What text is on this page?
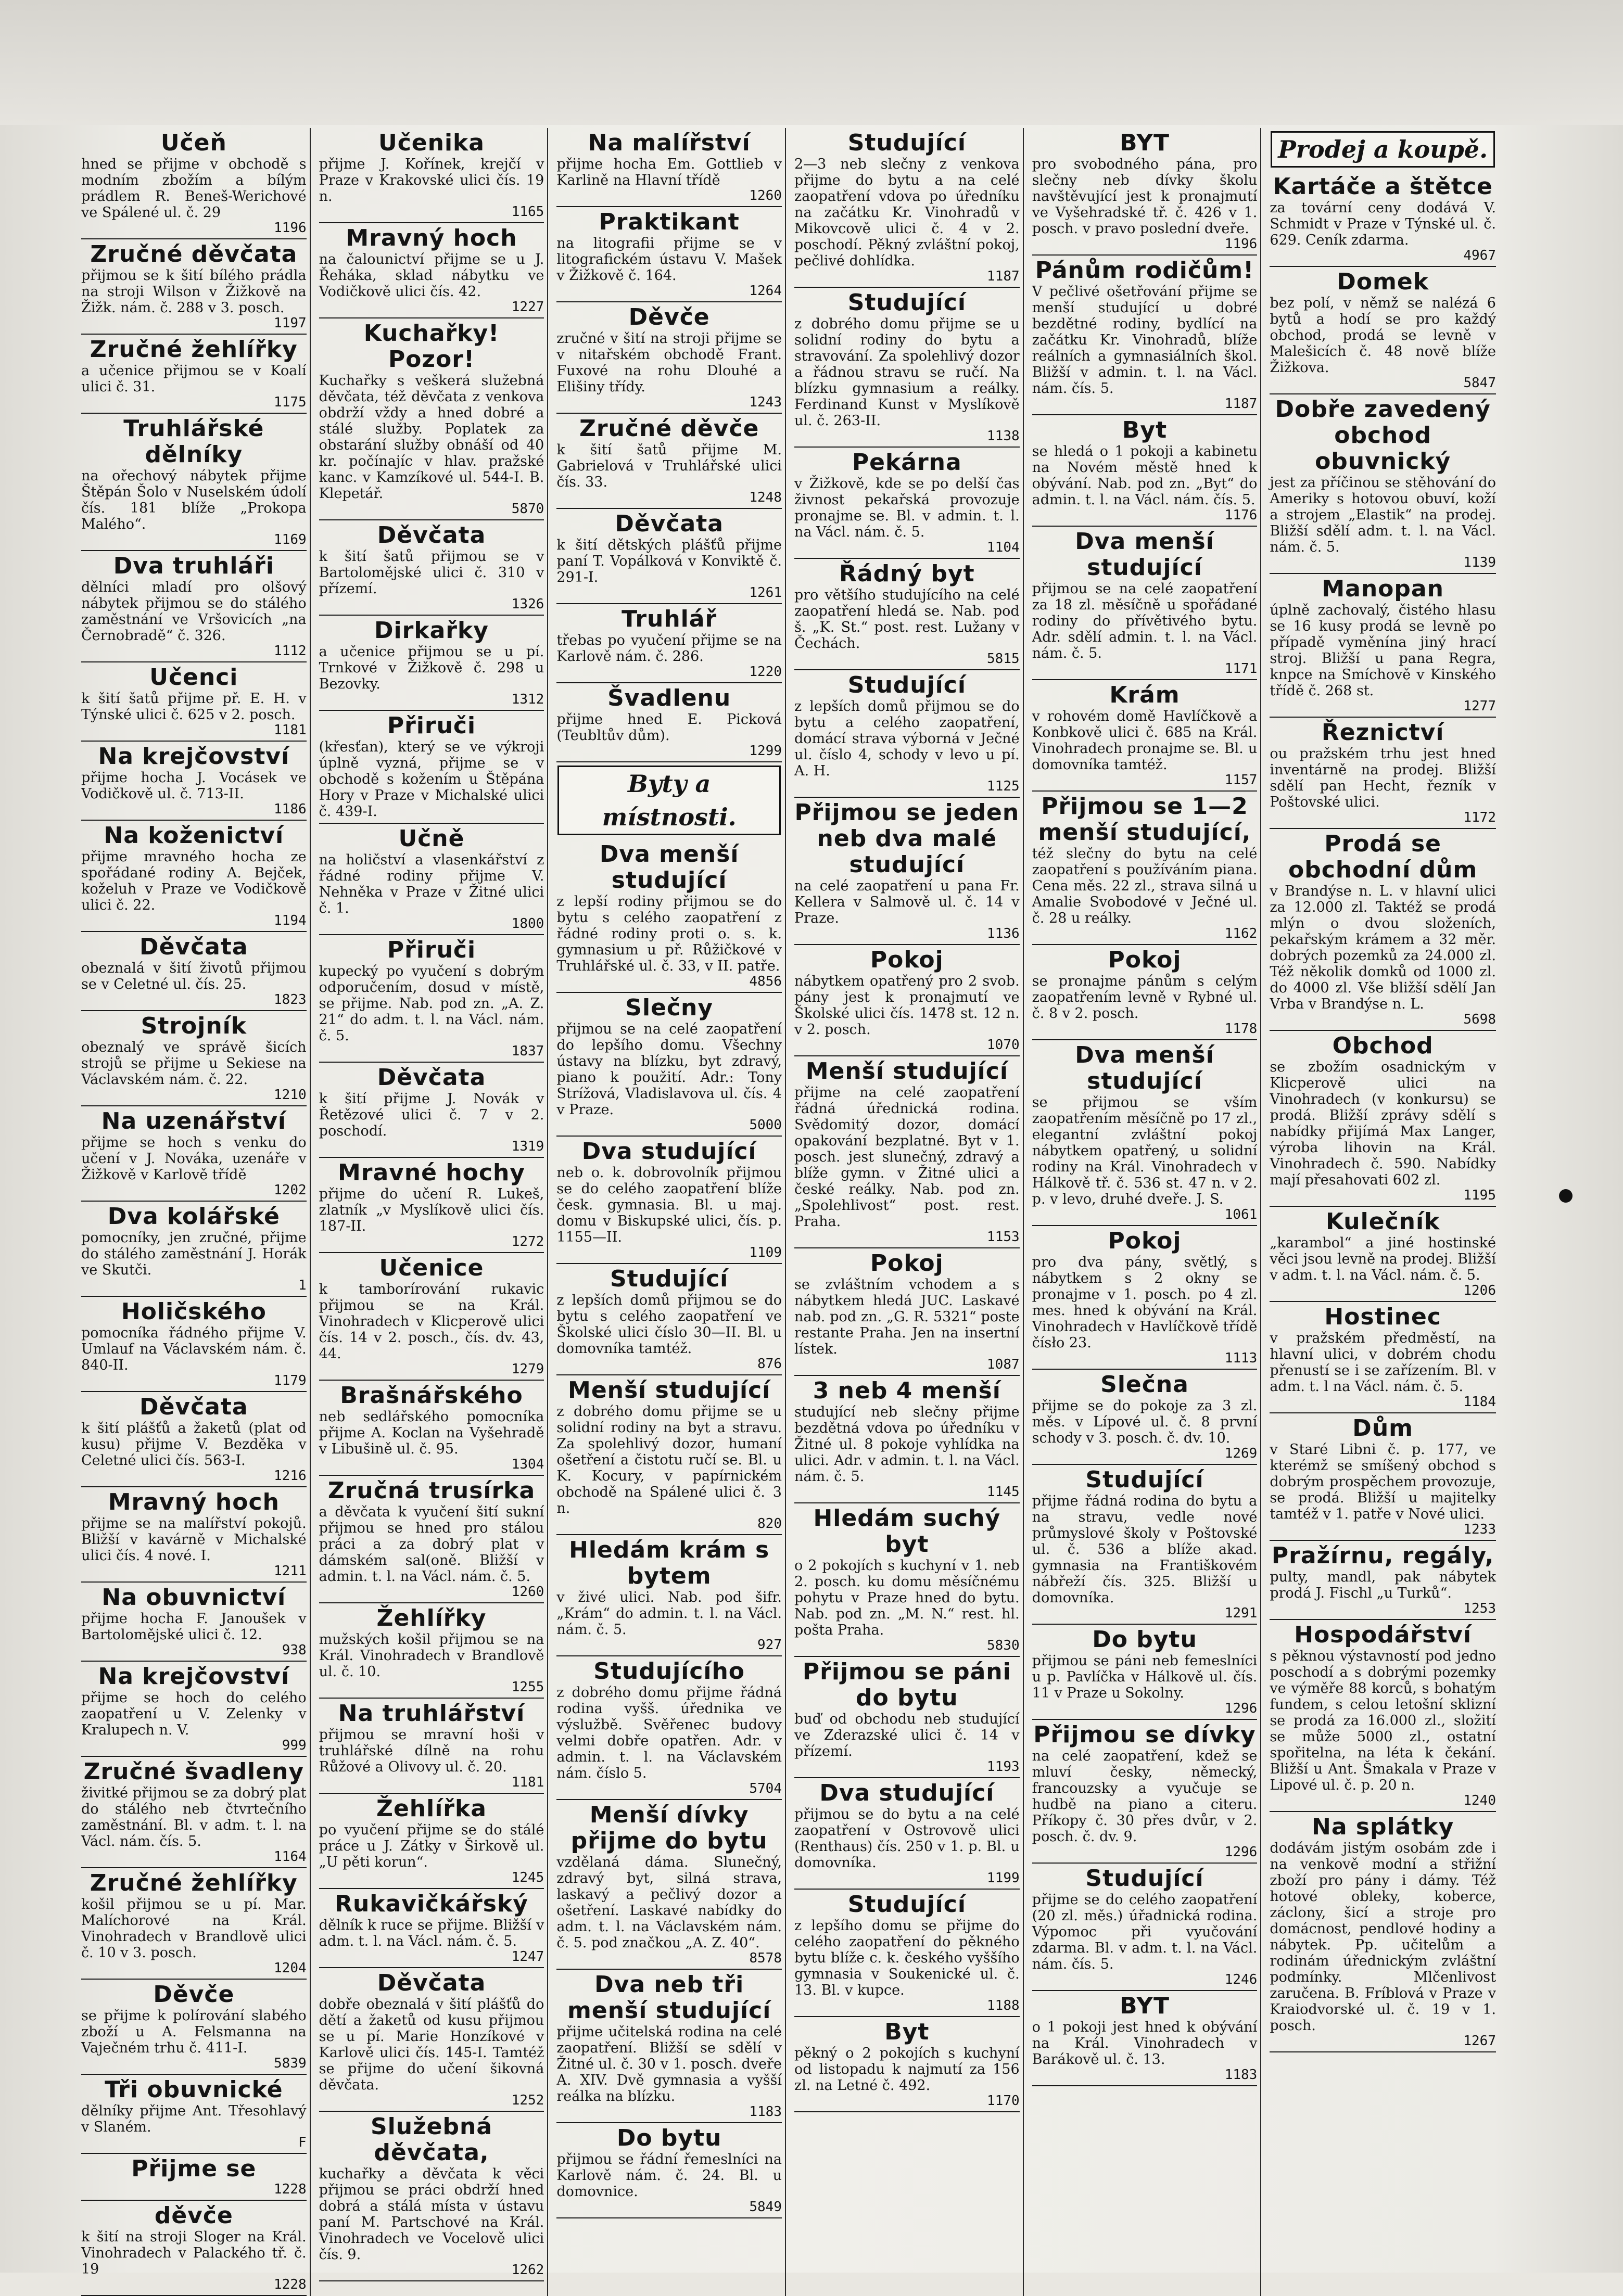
Učeň
hned se přijme v obchodě s modním zbožím a bílým prádlem R. Beneš-Werichové ve Spálené ul. č. 29
1196
Zručné děvčata
přijmou se k šití bílého prádla na stroji Wilson v Žižkově na Žižk. nám. č. 288 v 3. posch.
1197
Zručné žehlířky
a učenice přijmou se v Koalí ulici č. 31.
1175
Truhlářské dělníky
na ořechový nábytek přijme Štěpán Šolo v Nuselském údolí čís. 181 blíže „Prokopa Malého“.
1169
Dva truhláři
dělníci mladí pro olšový nábytek přijmou se do stálého zaměstnání ve Vršovicích „na Černobradě“ č. 326.
1112
Učenci
k šití šatů přijme př. E. H. v Týnské ulici č. 625 v 2. posch.
1181
Na krejčovství
přijme hocha J. Vocásek ve Vodičkově ul. č. 713-II.
1186
Na koženictví
přijme mravného hocha ze spořádané rodiny A. Bejček, koželuh v Praze ve Vodičkově ulici č. 22.
1194
Děvčata
obeznalá v šití životů přijmou se v Celetné ul. čís. 25.
1823
Strojník
obeznalý ve správě šicích strojů se přijme u Sekiese na Václavském nám. č. 22.
1210
Na uzenářství
přijme se hoch s venku do učení v J. Nováka, uzenáře v Žižkově v Karlově třídě
1202
Dva kolářské
pomocníky, jen zručné, přijme do stálého zaměstnání J. Horák ve Skutči.
1
Holičského
pomocníka řádného přijme V. Umlauf na Václavském nám. č. 840-II.
1179
Děvčata
k šití plášťů a žaketů (plat od kusu) přijme V. Bezděka v Celetné ulici čís. 563-I.
1216
Mravný hoch
přijme se na malířství pokojů. Bližší v kavárně v Michalské ulici čís. 4 nové. I.
1211
Na obuvnictví
přijme hocha F. Janoušek v Bartolomějské ulici č. 12.
938
Na krejčovství
přijme se hoch do celého zaopatření u V. Zelenky v Kralupech n. V.
999
Zručné švadleny
živitké přijmou se za dobrý plat do stálého neb čtvrtečního zaměstnání. Bl. v adm. t. l. na Václ. nám. čís. 5.
1164
Zručné žehlířky
košil přijmou se u pí. Mar. Malíchorové na Král. Vinohradech v Brandlově ulici č. 10 v 3. posch.
1204
Děvče
se přijme k polírování slabého zboží u A. Felsmanna na Vaječném trhu č. 411-I.
5839
Tři obuvnické
dělníky přijme Ant. Třesohlavý v Slaném.
F
Přijme se
1228
děvče
k šití na stroji Sloger na Král. Vinohradech v Palackého tř. č. 19
1228
Učenika
přijme J. Kořínek, krejčí v Praze v Krakovské ulici čís. 19 n.
1165
Mravný hoch
na čalounictví přijme se u J. Řeháka, sklad nábytku ve Vodičkově ulici čís. 42.
1227
Kuchařky! Pozor!
Kuchařky s veškerá služebná děvčata, též děvčata z venkova obdrží vždy a hned dobré a stálé služby. Poplatek za obstarání služby obnáší od 40 kr. počínajíc v hlav. pražské kanc. v Kamzíkové ul. 544-I. B. Klepetář.
5870
Děvčata
k šití šatů přijmou se v Bartolomějské ulici č. 310 v přízemí.
1326
Dirkařky
a učenice přijmou se u pí. Trnkové v Žižkově č. 298 u Bezovky.
1312
Přiruči
(křesťan), který se ve výkroji úplně vyzná, přijme se v obchodě s kožením u Štěpána Hory v Praze v Michalské ulici č. 439-I.
Učně
na holičství a vlasenkářství z řádné rodiny přijme V. Nehněka v Praze v Žitné ulici č. 1.
1800
Přiruči
kupecký po vyučení s dobrým odporučením, dosud v místě, se přijme. Nab. pod zn. „A. Z. 21“ do adm. t. l. na Václ. nám. č. 5.
1837
Děvčata
k šití přijme J. Novák v Řetězové ulici č. 7 v 2. poschodí.
1319
Mravné hochy
přijme do učení R. Lukeš, zlatník „v Myslíkově ulici čís. 187-II.
1272
Učenice
k tamborírování rukavic přijmou se na Král. Vinohradech v Klicperově ulici čís. 14 v 2. posch., čís. dv. 43, 44.
1279
Brašnářského
neb sedlářského pomocníka přijme A. Koclan na Vyšehradě v Libušině ul. č. 95.
1304
Zručná trusírka
a děvčata k vyučení šití sukní přijmou se hned pro stálou práci a za dobrý plat v dámském sal(oně. Bližší v admin. t. l. na Václ. nám. č. 5.
1260
Žehlířky
mužských košil přijmou se na Král. Vinohradech v Brandlově ul. č. 10.
1255
Na truhlářství
přijmou se mravní hoši v truhlářské dílně na rohu Růžové a Olivovy ul. č. 20.
1181
Žehlířka
po vyučení přijme se do stálé práce u J. Zátky v Širkově ul. „U pěti korun“.
1245
Rukavičkářský
dělník k ruce se přijme. Bližší v adm. t. l. na Václ. nám. č. 5.
1247
Děvčata
dobře obeznalá v šití plášťů do dětí a žaketů od kusu přijmou se u pí. Marie Honzíkové v Karlově ulici čís. 145-I. Tamtéž se přijme do učení šikovná děvčata.
1252
Služebná děvčata,
kuchařky a děvčata k věci přijmou se práci obdrží hned dobrá a stálá místa v ústavu paní M. Partschové na Král. Vinohradech ve Vocelově ulici čís. 9.
1262
Na malířství
přijme hocha Em. Gottlieb v Karlině na Hlavní třídě
1260
Praktikant
na litografii přijme se v litografickém ústavu V. Mašek v Žižkově č. 164.
1264
Děvče
zručné v šití na stroji přijme se v nitařském obchodě Frant. Fuxové na rohu Dlouhé a Elišiny třídy.
1243
Zručné děvče
k šití šatů přijme M. Gabrielová v Truhlářské ulici čís. 33.
1248
Děvčata
k šití dětských plášťů přijme paní T. Vopálková v Konviktě č. 291-I.
1261
Truhlář
třebas po vyučení přijme se na Karlově nám. č. 286.
1220
Švadlenu
přijme hned E. Picková (Teubltův dům).
1299
Byty a místnosti.
Dva menší studující
z lepší rodiny přijmou se do bytu s celého zaopatření z řádné rodiny proti o. s. k. gymnasium u př. Růžičkové v Truhlářské ul. č. 33, v II. patře.
4856
Slečny
přijmou se na celé zaopatření do lepšího domu. Všechny ústavy na blízku, byt zdravý, piano k použití. Adr.: Tony Strížová, Vladislavova ul. čís. 4 v Praze.
5000
Dva studující
neb o. k. dobrovolník přijmou se do celého zaopatření blíže česk. gymnasia. Bl. u maj. domu v Biskupské ulici, čís. p. 1155—II.
1109
Studující
z lepších domů přijmou se do bytu s celého zaopatření ve Školské ulici číslo 30—II. Bl. u domovníka tamtéž.
876
Menší studující
z dobrého domu přijme se u solidní rodiny na byt a stravu. Za spolehlivý dozor, humaní ošetření a čistotu ručí se. Bl. u K. Kocury, v papírnickém obchodě na Spálené ulici č. 3 n.
820
Hledám krám s bytem
v živé ulici. Nab. pod šifr. „Krám“ do admin. t. l. na Václ. nám. č. 5.
927
Studujícího
z dobrého domu přijme řádná rodina vyšš. úřednika ve výslužbě. Svěřenec budovy velmi dobře opatřen. Adr. v admin. t. l. na Václavském nám. číslo 5.
5704
Menší dívky přijme do bytu
vzdělaná dáma. Slunečný, zdravý byt, silná strava, laskavý a pečlivý dozor a ošetření. Laskavé nabídky do adm. t. l. na Václavském nám. č. 5. pod značkou „A. Z. 40“.
8578
Dva neb tři menší studující
přijme učitelská rodina na celé zaopatření. Bližší se sdělí v Žitné ul. č. 30 v 1. posch. dveře A. XIV. Dvě gymnasia a vyšší reálka na blízku.
1183
Do bytu
přijmou se řádní řemeslníci na Karlově nám. č. 24. Bl. u domovnice.
5849
Studující
2—3 neb slečny z venkova přijme do bytu a na celé zaopatření vdova po úředníku na začátku Kr. Vinohradů v Mikovcově ulici č. 4 v 2. poschodí. Pěkný zvláštní pokoj, pečlivé dohlídka.
1187
Studující
z dobrého domu přijme se u solidní rodiny do bytu a stravování. Za spolehlivý dozor a řádnou stravu se ručí. Na blízku gymnasium a reálky. Ferdinand Kunst v Myslíkově ul. č. 263-II.
1138
Pekárna
v Žižkově, kde se po delší čas živnost pekařská provozuje pronajme se. Bl. v admin. t. l. na Václ. nám. č. 5.
1104
Řádný byt
pro většího studujícího na celé zaopatření hledá se. Nab. pod š. „K. St.“ post. rest. Lužany v Čechách.
5815
Studující
z lepších domů přijmou se do bytu a celého zaopatření, domácí strava výborná v Ječné ul. číslo 4, schody v levo u pí. A. H.
1125
Přijmou se jeden neb dva malé studující
na celé zaopatření u pana Fr. Kellera v Salmově ul. č. 14 v Praze.
1136
Pokoj
nábytkem opatřený pro 2 svob. pány jest k pronajmutí ve Školské ulici čís. 1478 st. 12 n. v 2. posch.
1070
Menší studující
přijme na celé zaopatření řádná úřednická rodina. Svědomitý dozor, domácí opakování bezplatné. Byt v 1. posch. jest slunečný, zdravý a blíže gymn. v Žitné ulici a české reálky. Nab. pod zn. „Spolehlivost“ post. rest. Praha.
1153
Pokoj
se zvláštním vchodem a s nábytkem hledá JUC. Laskavé nab. pod zn. „G. R. 5321“ poste restante Praha. Jen na insertní lístek.
1087
3 neb 4 menší
studující neb slečny přijme bezdětná vdova po úředníku v Žitné ul. 8 pokoje vyhlídka na ulici. Adr. v admin. t. l. na Václ. nám. č. 5.
1145
Hledám suchý byt
o 2 pokojích s kuchyní v 1. neb 2. posch. ku domu měsíčnému pohytu v Praze hned do bytu. Nab. pod zn. „M. N.“ rest. hl. pošta Praha.
5830
Přijmou se páni do bytu
buď od obchodu neb studující ve Zderazské ulici č. 14 v přízemí.
1193
Dva studující
přijmou se do bytu a na celé zaopatření v Ostrovově ulici (Renthaus) čís. 250 v 1. p. Bl. u domovníka.
1199
Studující
z lepšího domu se přijme do celého zaopatření do pěkného bytu blíže c. k. českého vyššího gymnasia v Soukenické ul. č. 13. Bl. v kupce.
1188
Byt
pěkný o 2 pokojích s kuchyní od listopadu k najmutí za 156 zl. na Letné č. 492.
1170
BYT
pro svobodného pána, pro slečny neb dívky školu navštěvující jest k pronajmutí ve Vyšehradské tř. č. 426 v 1. posch. v pravo poslední dveře.
1196
Pánům rodičům!
V pečlivé ošetřování přijme se menší studující u dobré bezdětné rodiny, bydlící na začátku Kr. Vinohradů, blíže reálních a gymnasiálních škol. Bližší v admin. t. l. na Václ. nám. čís. 5.
1187
Byt
se hledá o 1 pokoji a kabinetu na Novém městě hned k obývání. Nab. pod zn. „Byt“ do admin. t. l. na Václ. nám. čís. 5.
1176
Dva menší studující
přijmou se na celé zaopatření za 18 zl. měsíčně u spořádané rodiny do přívětivého bytu. Adr. sdělí admin. t. l. na Václ. nám. č. 5.
1171
Krám
v rohovém domě Havlíčkově a Konbkově ulici č. 685 na Král. Vinohradech pronajme se. Bl. u domovníka tamtéž.
1157
Přijmou se 1—2 menší studující,
též slečny do bytu na celé zaopatření s používáním piana. Cena měs. 22 zl., strava silná u Amalie Svobodové v Ječné ul. č. 28 u reálky.
1162
Pokoj
se pronajme pánům s celým zaopatřením levně v Rybné ul. č. 8 v 2. posch.
1178
Dva menší studující
se přijmou se vším zaopatřením měsíčně po 17 zl., elegantní zvláštní pokoj nábytkem opatřený, u solidní rodiny na Král. Vinohradech v Hálkově tř. č. 536 st. 47 n. v 2. p. v levo, druhé dveře. J. S.
1061
Pokoj
pro dva pány, světlý, s nábytkem s 2 okny se pronajme v 1. posch. po 4 zl. mes. hned k obývání na Král. Vinohradech v Havlíčkově třídě čísło 23.
1113
Slečna
přijme se do pokoje za 3 zl. měs. v Lípové ul. č. 8 první schody v 3. posch. č. dv. 10.
1269
Studující
přijme řádná rodina do bytu a na stravu, vedle nové průmyslové školy v Poštovské ul. č. 536 a blíže akad. gymnasia na Františkovém nábřeží čís. 325. Bližší u domovníka.
1291
Do bytu
přijmou se páni neb femeslníci u p. Pavlíčka v Hálkově ul. čís. 11 v Praze u Sokolny.
1296
Přijmou se dívky
na celé zaopatření, kdež se mluví česky, německý, francouzsky a vyučuje se hudbě na piano a citeru. Příkopy č. 30 přes dvůr, v 2. posch. č. dv. 9.
1296
Studující
přijme se do celého zaopatření (20 zl. měs.) úřadnická rodina. Výpomoc při vyučování zdarma. Bl. v adm. t. l. na Václ. nám. čís. 5.
1246
BYT
o 1 pokoji jest hned k obývání na Král. Vinohradech v Barákově ul. č. 13.
1183
Prodej a koupě.
Kartáče a štětce
za tovární ceny dodává V. Schmidt v Praze v Týnské ul. č. 629. Ceník zdarma.
4967
Domek
bez polí, v němž se nalézá 6 bytů a hodí se pro každý obchod, prodá se levně v Malešicích č. 48 nově blíže Žižkova.
5847
Dobře zavedený obchod obuvnický
jest za příčinou se stěhování do Ameriky s hotovou obuví, koží a strojem „Elastik“ na prodej. Bližší sdělí adm. t. l. na Václ. nám. č. 5.
1139
Manopan
úplně zachovalý, čistého hlasu se 16 kusy prodá se levně po případě vyměnína jiný hrací stroj. Bližší u pana Regra, knpce na Smíchově v Kinského třídě č. 268 st.
1277
Řeznictví
ou pražském trhu jest hned inventárně na prodej. Bližší sdělí pan Hecht, řezník v Poštovské ulici.
1172
Prodá se obchodní dům
v Brandýse n. L. v hlavní ulici za 12.000 zl. Taktéž se prodá mlýn o dvou složeních, pekařským krámem a 32 měr. dobrých pozemků za 24.000 zl. Též několik domků od 1000 zl. do 4000 zl. Vše bližší sdělí Jan Vrba v Brandýse n. L.
5698
Obchod
se zbožím osadnickým v Klicperově ulici na Vinohradech (v konkursu) se prodá. Bližší zprávy sdělí s nabídky přijímá Max Langer, výroba lihovin na Král. Vinohradech č. 590. Nabídky mají přesahovati 602 zl.
1195
Kulečník
„karambol“ a jiné hostinské věci jsou levně na prodej. Bližší v adm. t. l. na Václ. nám. č. 5.
1206
Hostinec
v pražském předměstí, na hlavní ulici, v dobrém chodu přenustí se i se zařízením. Bl. v adm. t. l na Václ. nám. č. 5.
1184
Dům
v Staré Libni č. p. 177, ve kterémž se smíšený obchod s dobrým prospěchem provozuje, se prodá. Bližší u majitelky tamtéž v 1. patře v Nové ulici.
1233
Pražírnu, regály,
pulty, mandl, pak nábytek prodá J. Fischl „u Turků“.
1253
Hospodářství
s pěknou výstavností pod jedno poschodí a s dobrými pozemky ve výměře 88 korců, s bohatým fundem, s celou letošní sklizní se prodá za 16.000 zl., složití se může 5000 zl., ostatní spořitelna, na léta k čekání. Bližší u Ant. Šmakala v Praze v Lipové ul. č. p. 20 n.
1240
Na splátky
dodávám jistým osobám zde i na venkově modní a střižní zboží pro pány i dámy. Též hotové obleky, koberce, záclony, šicí a stroje pro domácnost, pendlové hodiny a nábytek. Pp. učitelům a rodinám úřednickým zvláštní podmínky. Mlčenlivost zaručena. B. Fríblová v Praze v Kraiodvorské ul. č. 19 v 1. posch.
1267
